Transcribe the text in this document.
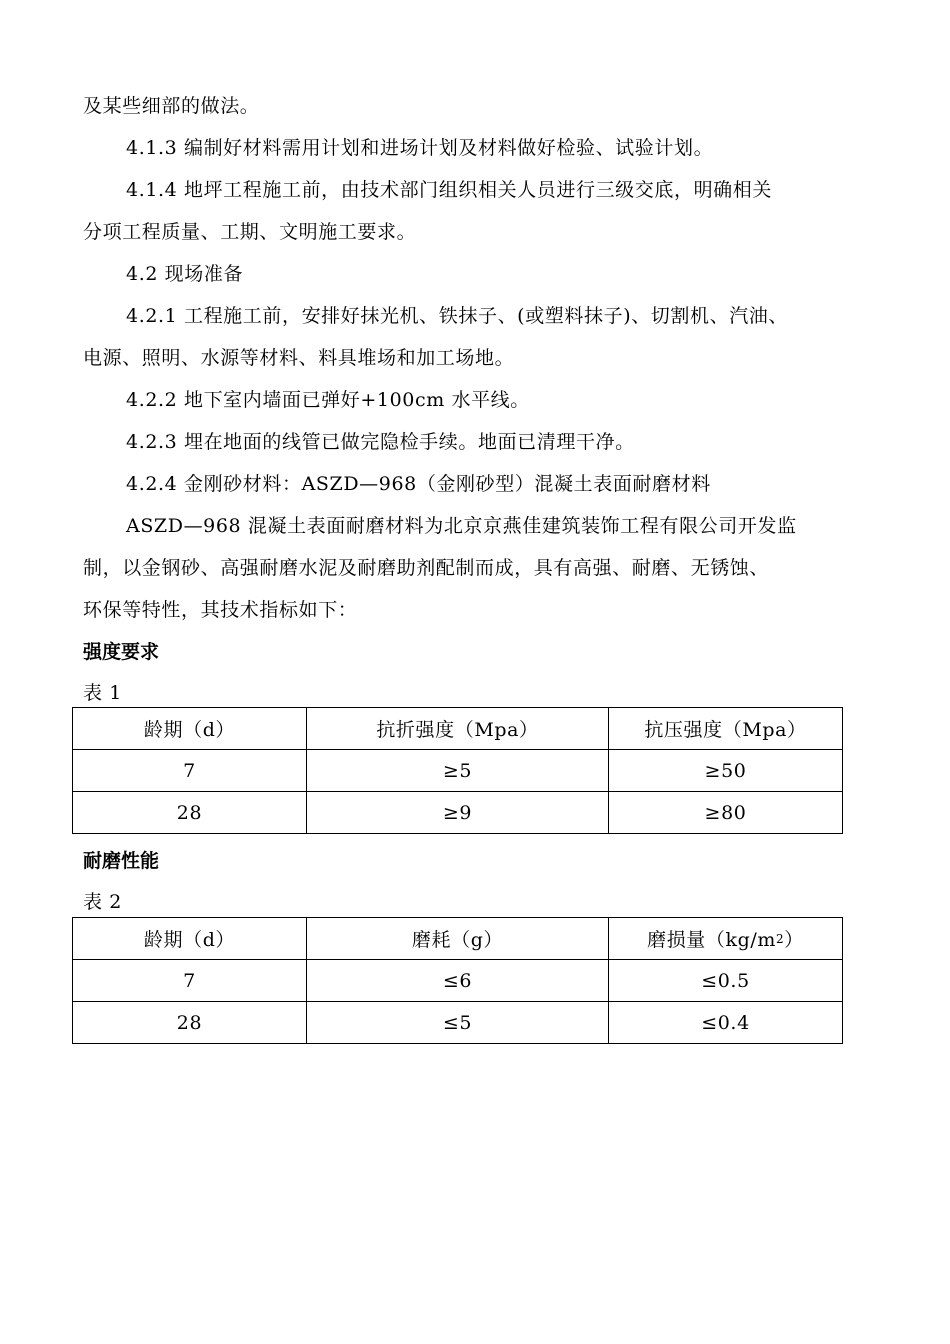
及某些细部的做法。
4.1.3 编制好材料需用计划和进场计划及材料做好检验、试验计划。
4.1.4 地坪工程施工前，由技术部门组织相关人员进行三级交底，明确相关
分项工程质量、工期、文明施工要求。
4.2 现场准备
4.2.1 工程施工前，安排好抹光机、铁抹子、(或塑料抹子)、切割机、汽油、
电源、照明、水源等材料、料具堆场和加工场地。
4.2.2 地下室内墙面已弹好+100cm 水平线。
4.2.3 埋在地面的线管已做完隐检手续。地面已清理干净。
4.2.4 金刚砂材料：ASZD—968（金刚砂型）混凝土表面耐磨材料
ASZD—968 混凝土表面耐磨材料为北京京燕佳建筑装饰工程有限公司开发监
制，以金钢砂、高强耐磨水泥及耐磨助剂配制而成，具有高强、耐磨、无锈蚀、
环保等特性，其技术指标如下：
强度要求
表 1
龄期（d）	抗折强度（Mpa）	抗压强度（Mpa）
7	≥5	≥50
28	≥9	≥80
耐磨性能
表 2
龄期（d）	磨耗（g）	磨损量$(kg/m^2)$
7	≤6	≤0.5
28	≤5	≤0.4
